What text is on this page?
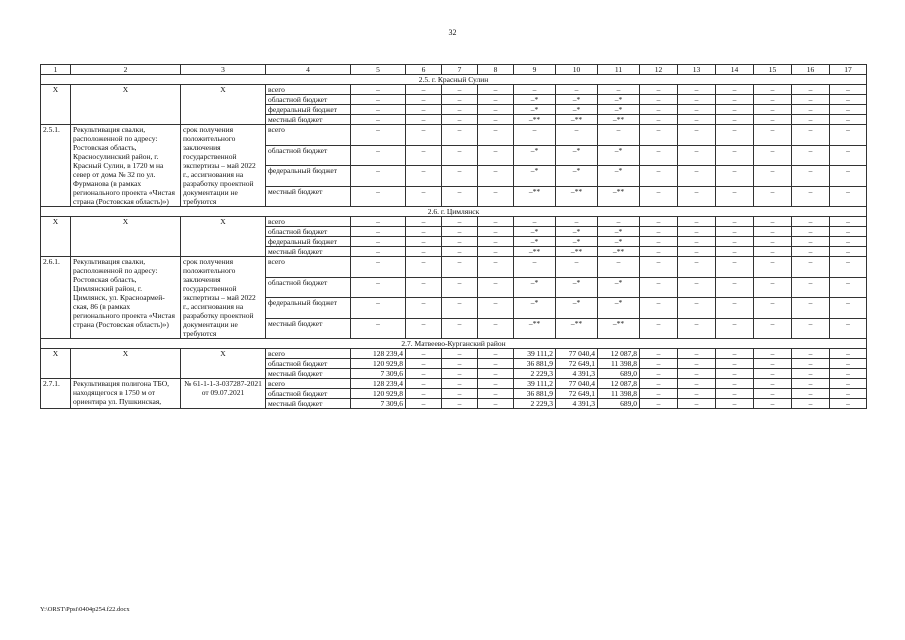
32
1	2	3	4	5	6	7	8	9	10	11	12	13	14	15	16	17
2.5. г. Красный Сулин																
X	X	X	всего	–	–	–	–	–	–	–	–	–	–	–	–	–
			областной бюджет	–	–	–	–	–*	–*	–*	–	–	–	–	–	–
			федеральный бюджет	–	–	–	–	–*	–*	–*	–	–	–	–	–	–
			местный бюджет	–	–	–	–	–**	–**	–**	–	–	–	–	–	–
2.5.1.	Рекультивация свалки, расположенной по адресу: Ростовская область, Красносулинский район, г. Красный Сулин, в 1720 м на север от дома № 32 по ул. Фурманова (в рамках регионального проекта «Чистая страна (Ростовская область)»)	срок получения положительного заключения государственной экспертизы – май 2022 г., ассигнования на разработку проектной документации не требуются	всего	–	–	–	–	–	–	–	–	–	–	–	–	–
			областной бюджет	–	–	–	–	–*	–*	–*	–	–	–	–	–	–
			федеральный бюджет	–	–	–	–	–*	–*	–*	–	–	–	–	–	–
			местный бюджет	–	–	–	–	–**	–**	–**	–	–	–	–	–	–
2.6. г. Цимлянск																
X	X	X	всего	–	–	–	–	–	–	–	–	–	–	–	–	–
			областной бюджет	–	–	–	–	–*	–*	–*	–	–	–	–	–	–
			федеральный бюджет	–	–	–	–	–*	–*	–*	–	–	–	–	–	–
			местный бюджет	–	–	–	–	–**	–**	–**	–	–	–	–	–	–
2.6.1.	Рекультивация свалки, расположенной по адресу: Ростовская область, Цимлянский район, г. Цимлянск, ул. Красноармей-ская, 86 (в рамках регионального проекта «Чистая страна (Ростовская область)»)	срок получения положительного заключения государственной экспертизы – май 2022 г., ассигнования на разработку проектной документации не требуются	всего	–	–	–	–	–	–	–	–	–	–	–	–	–
			областной бюджет	–	–	–	–	–*	–*	–*	–	–	–	–	–	–
			федеральный бюджет	–	–	–	–	–*	–*	–*	–	–	–	–	–	–
			местный бюджет	–	–	–	–	–**	–**	–**	–	–	–	–	–	–
2.7. Матвеево-Курганский район																
X	X	X	всего	128 239,4	–	–	–	39 111,2	77 040,4	12 087,8	–	–	–	–	–	–
			областной бюджет	120 929,8	–	–	–	36 881,9	72 649,1	11 398,8	–	–	–	–	–	–
			местный бюджет	7 309,6	–	–	–	2 229,3	4 391,3	689,0	–	–	–	–	–	–
2.7.1.	Рекультивация полигона ТБО, находящегося в 1750 м от ориентира ул. Пушкинская,	№ 61-1-1-3-037287-2021 от 09.07.2021	всего	128 239,4	–	–	–	39 111,2	77 040,4	12 087,8	–	–	–	–	–	–
			областной бюджет	120 929,8	–	–	–	36 881,9	72 649,1	11 398,8	–	–	–	–	–	–
			местный бюджет	7 309,6	–	–	–	2 229,3	4 391,3	689,0	–	–	–	–	–	–
Y:\ORST\Ppsi\0404p254.f22.docx
